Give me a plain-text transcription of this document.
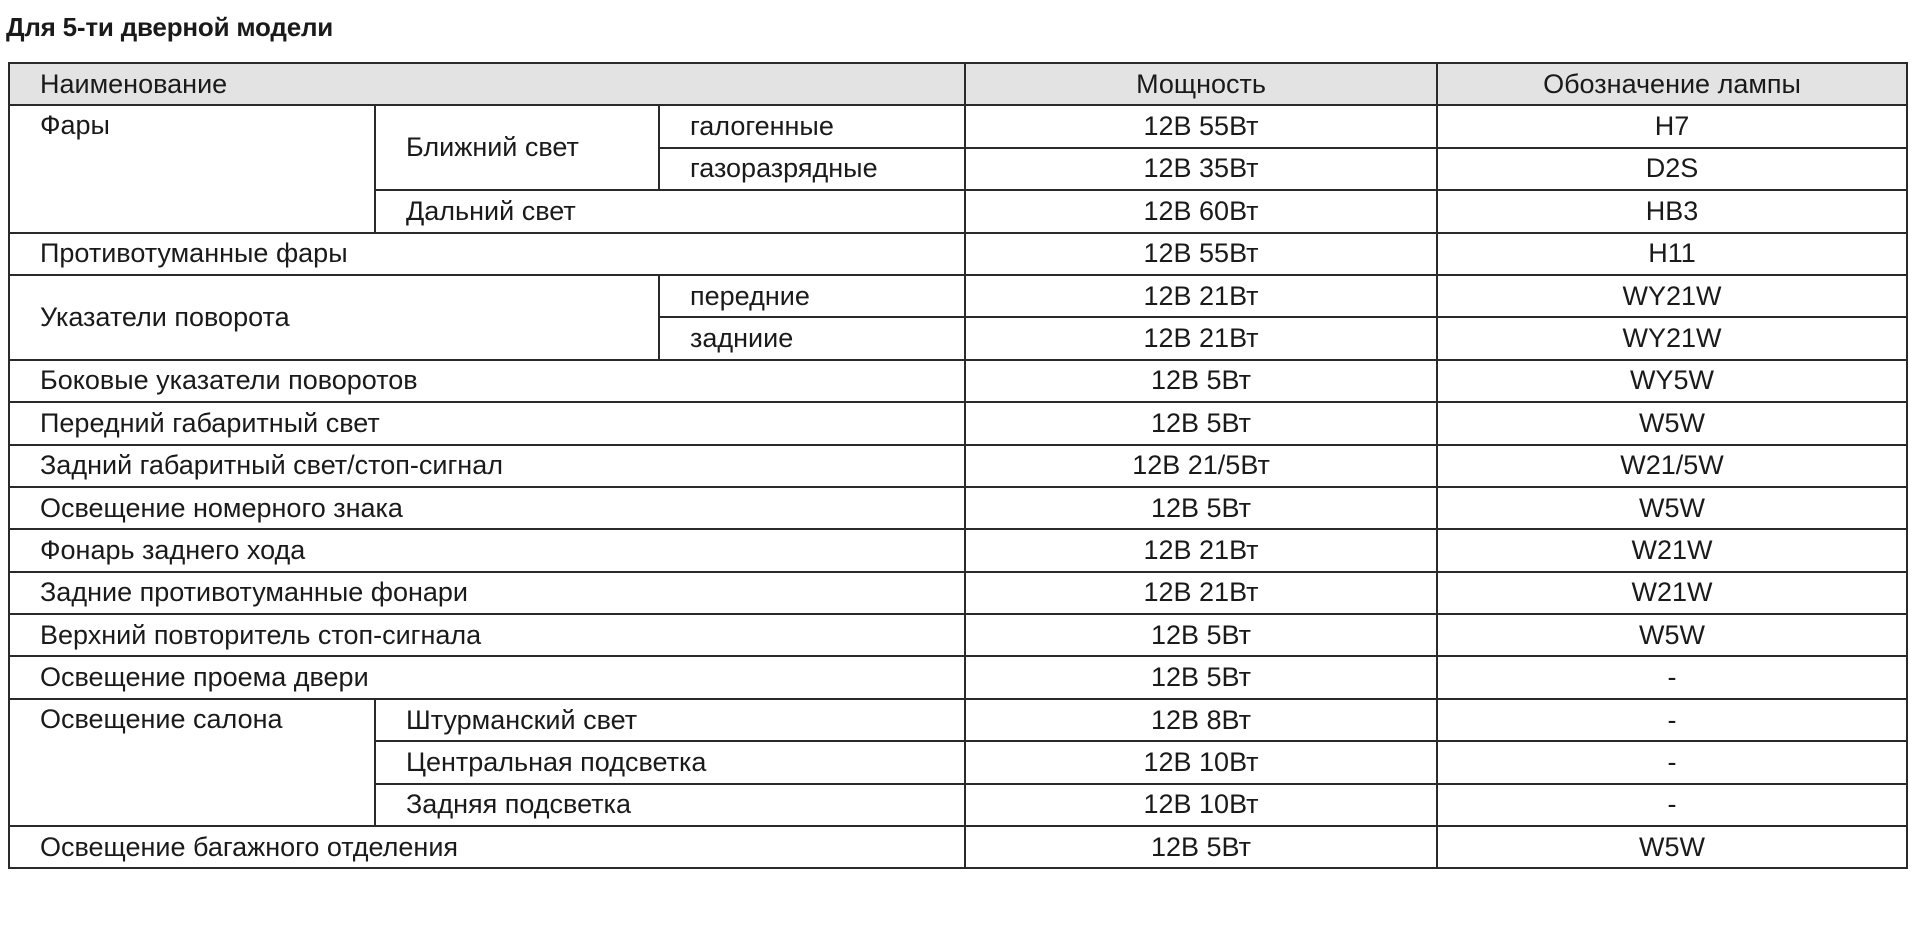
Для 5-ти дверной модели
Наименование			Мощность	Обозначение лампы
Фары	Ближний свет	галогенные	12В 55Вт	H7
		газоразрядные	12В 35Вт	D2S
	Дальний свет		12В 60Вт	HB3
Противотуманные фары			12В 55Вт	H11
Указатели поворота		передние	12В 21Вт	WY21W
		задниие	12В 21Вт	WY21W
Боковые указатели поворотов			12В 5Вт	WY5W
Передний габаритный свет			12В 5Вт	W5W
Задний габаритный свет/стоп-сигнал			12В 21/5Вт	W21/5W
Освещение номерного знака			12В 5Вт	W5W
Фонарь заднего хода			12В 21Вт	W21W
Задние противотуманные фонари			12В 21Вт	W21W
Верхний повторитель стоп-сигнала			12В 5Вт	W5W
Освещение проема двери			12В 5Вт	-
Освещение салона	Штурманский свет		12В 8Вт	-
	Центральная подсветка		12В 10Вт	-
	Задняя подсветка		12В 10Вт	-
Освещение багажного отделения			12В 5Вт	W5W
